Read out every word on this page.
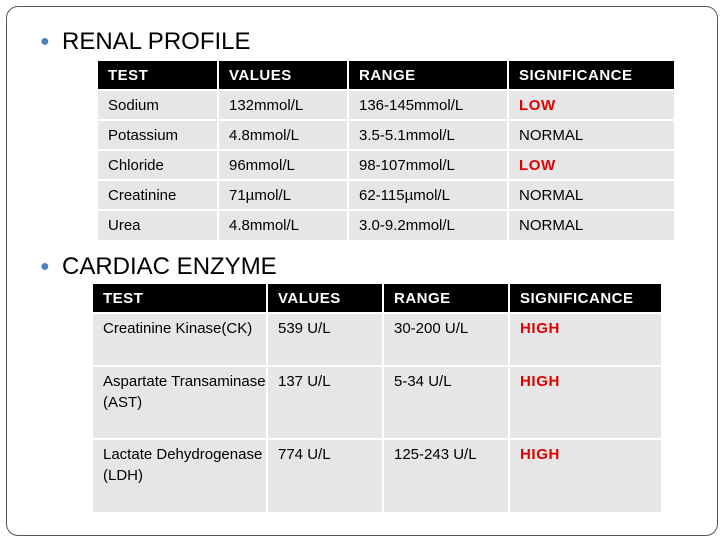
● RENAL PROFILE
TEST	VALUES	RANGE	SIGNIFICANCE
Sodium	132mmol/L	136-145mmol/L	LOW
Potassium	4.8mmol/L	3.5-5.1mmol/L	NORMAL
Chloride	96mmol/L	98-107mmol/L	LOW
Creatinine	71µmol/L	62-115µmol/L	NORMAL
Urea	4.8mmol/L	3.0-9.2mmol/L	NORMAL
● CARDIAC ENZYME
TEST	VALUES	RANGE	SIGNIFICANCE
Creatinine Kinase(CK)	539 U/L	30-200 U/L	HIGH
Aspartate Transaminase (AST)	137 U/L	5-34 U/L	HIGH
Lactate Dehydrogenase (LDH)	774 U/L	125-243 U/L	HIGH
